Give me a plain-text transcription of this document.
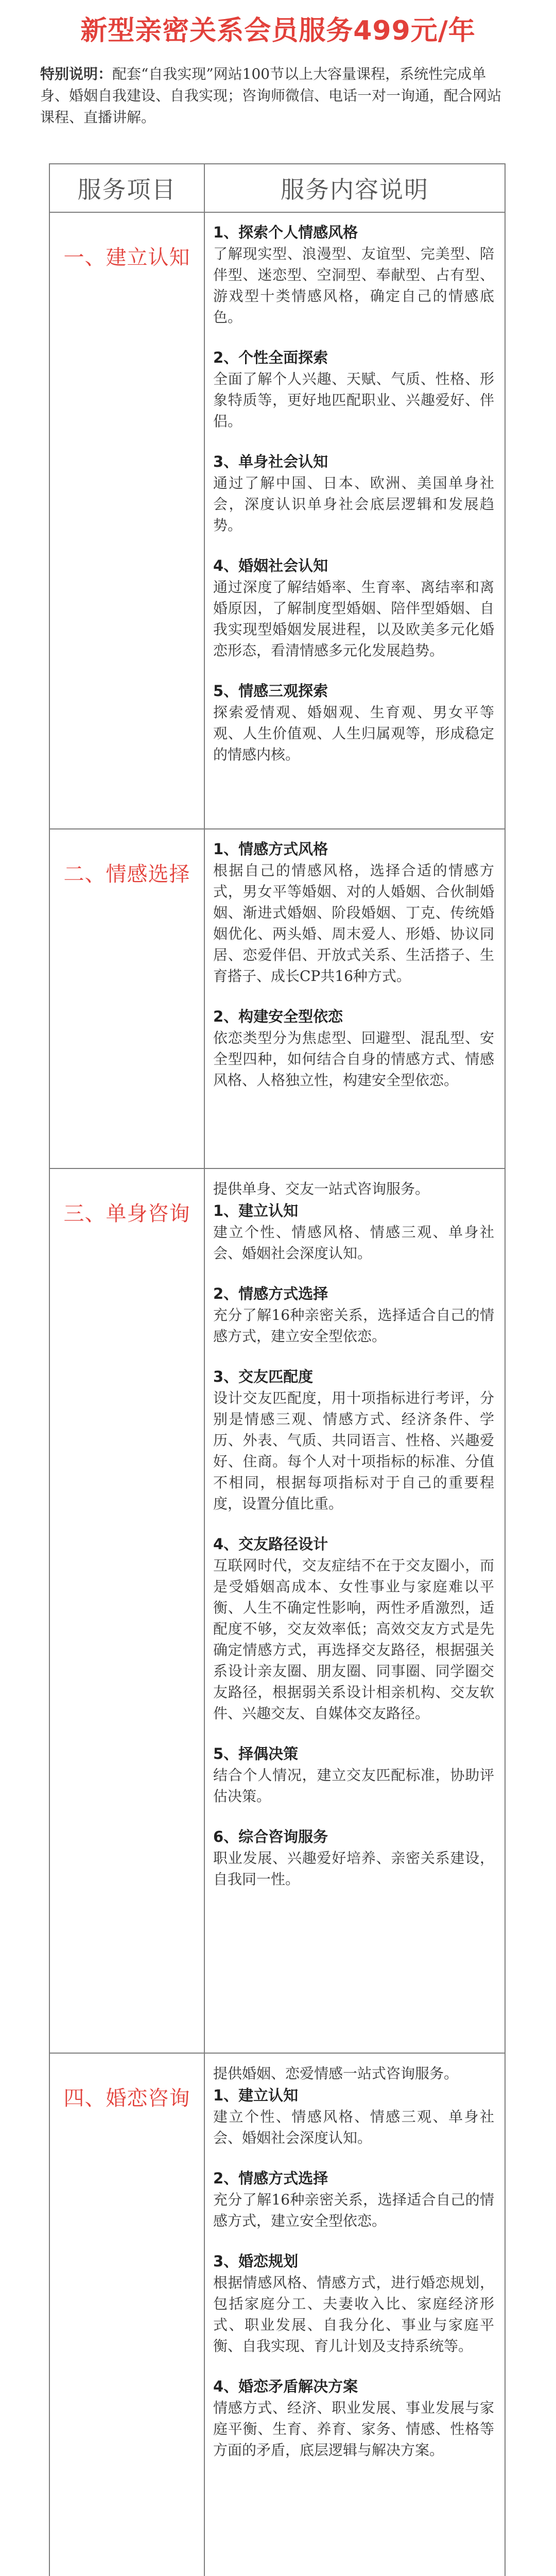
新型亲密关系会员服务499元/年

特别说明：配套“自我实现”网站100节以上大容量课程，系统性完成单身、婚姻自我建设、自我实现；咨询师微信、电话一对一询通，配合网站课程、直播讲解。

服务项目	服务内容说明
一、建立认知

1、探索个人情感风格

了解现实型、浪漫型、友谊型、完美型、陪伴型、迷恋型、空洞型、奉献型、占有型、游戏型十类情感风格，确定自己的情感底色。

2、个性全面探索

全面了解个人兴趣、天赋、气质、性格、形象特质等，更好地匹配职业、兴趣爱好、伴侣。

3、单身社会认知

通过了解中国、日本、欧洲、美国单身社会，深度认识单身社会底层逻辑和发展趋势。

4、婚姻社会认知

通过深度了解结婚率、生育率、离结率和离婚原因，了解制度型婚姻、陪伴型婚姻、自我实现型婚姻发展进程，以及欧美多元化婚恋形态，看清情感多元化发展趋势。

5、情感三观探索

探索爱情观、婚姻观、生育观、男女平等观、人生价值观、人生归属观等，形成稳定的情感内核。

二、情感选择

1、情感方式风格

根据自己的情感风格，选择合适的情感方式，男女平等婚姻、对的人婚姻、合伙制婚姻、渐进式婚姻、阶段婚姻、丁克、传统婚姻优化、两头婚、周末爱人、形婚、协议同居、恋爱伴侣、开放式关系、生活搭子、生育搭子、成长CP共16种方式。

2、构建安全型依恋

依恋类型分为焦虑型、回避型、混乱型、安全型四种，如何结合自身的情感方式、情感风格、人格独立性，构建安全型依恋。

三、单身咨询

提供单身、交友一站式咨询服务。

1、建立认知

建立个性、情感风格、情感三观、单身社会、婚姻社会深度认知。

2、情感方式选择

充分了解16种亲密关系，选择适合自己的情感方式，建立安全型依恋。

3、交友匹配度

设计交友匹配度，用十项指标进行考评，分别是情感三观、情感方式、经济条件、学历、外表、气质、共同语言、性格、兴趣爱好、住商。每个人对十项指标的标准、分值不相同，根据每项指标对于自己的重要程度，设置分值比重。

4、交友路径设计

互联网时代，交友症结不在于交友圈小，而是受婚姻高成本、女性事业与家庭难以平衡、人生不确定性影响，两性矛盾激烈，适配度不够，交友效率低；高效交友方式是先确定情感方式，再选择交友路径，根据强关系设计亲友圈、朋友圈、同事圈、同学圈交友路径，根据弱关系设计相亲机构、交友软件、兴趣交友、自媒体交友路径。

5、择偶决策

结合个人情况，建立交友匹配标准，协助评估决策。

6、综合咨询服务

职业发展、兴趣爱好培养、亲密关系建设，自我同一性。

四、婚恋咨询

提供婚姻、恋爱情感一站式咨询服务。

1、建立认知

建立个性、情感风格、情感三观、单身社会、婚姻社会深度认知。

2、情感方式选择

充分了解16种亲密关系，选择适合自己的情感方式，建立安全型依恋。

3、婚恋规划

根据情感风格、情感方式，进行婚恋规划，包括家庭分工、夫妻收入比、家庭经济形式、职业发展、自我分化、事业与家庭平衡、自我实现、育儿计划及支持系统等。

4、婚恋矛盾解决方案

情感方式、经济、职业发展、事业发展与家庭平衡、生育、养育、家务、情感、性格等方面的矛盾，底层逻辑与解决方案。
